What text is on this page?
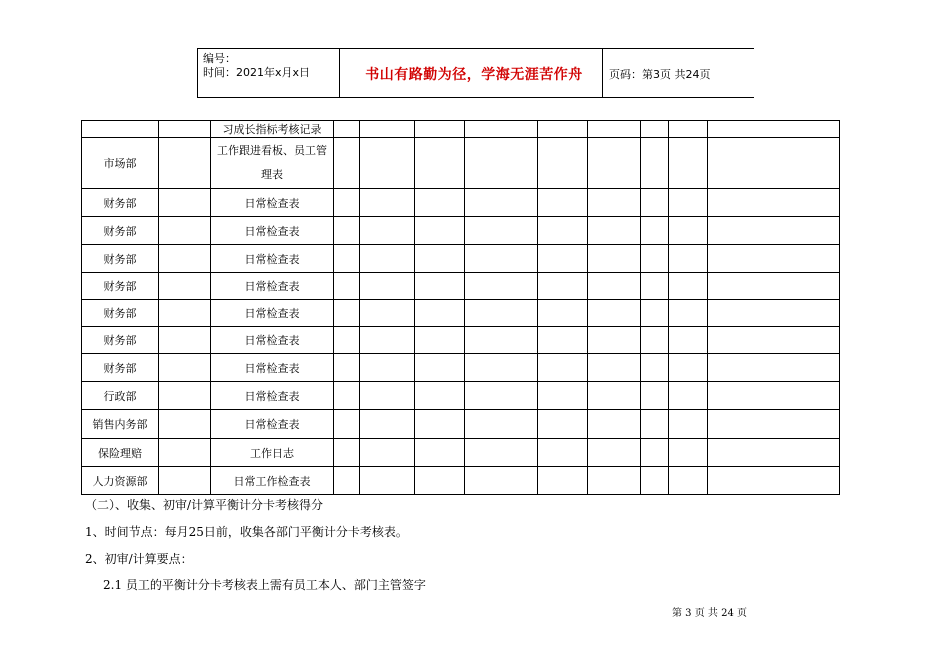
编号：
时间：2021年x月x日	书山有路勤为径，学海无涯苦作舟	页码：第3页 共24页
		习成长指标考核记录									
市场部		工作跟进看板、员工管理表									
财务部		日常检查表									
财务部		日常检查表									
财务部		日常检查表									
财务部		日常检查表									
财务部		日常检查表									
财务部		日常检查表									
财务部		日常检查表									
行政部		日常检查表									
销售内务部		日常检查表									
保险理赔		工作日志									
人力资源部		日常工作检查表									
（二）、收集、初审/计算平衡计分卡考核得分
1、时间节点：每月25日前，收集各部门平衡计分卡考核表。
2、初审/计算要点：
2.1 员工的平衡计分卡考核表上需有员工本人、部门主管签字
第 3 页 共 24 页
